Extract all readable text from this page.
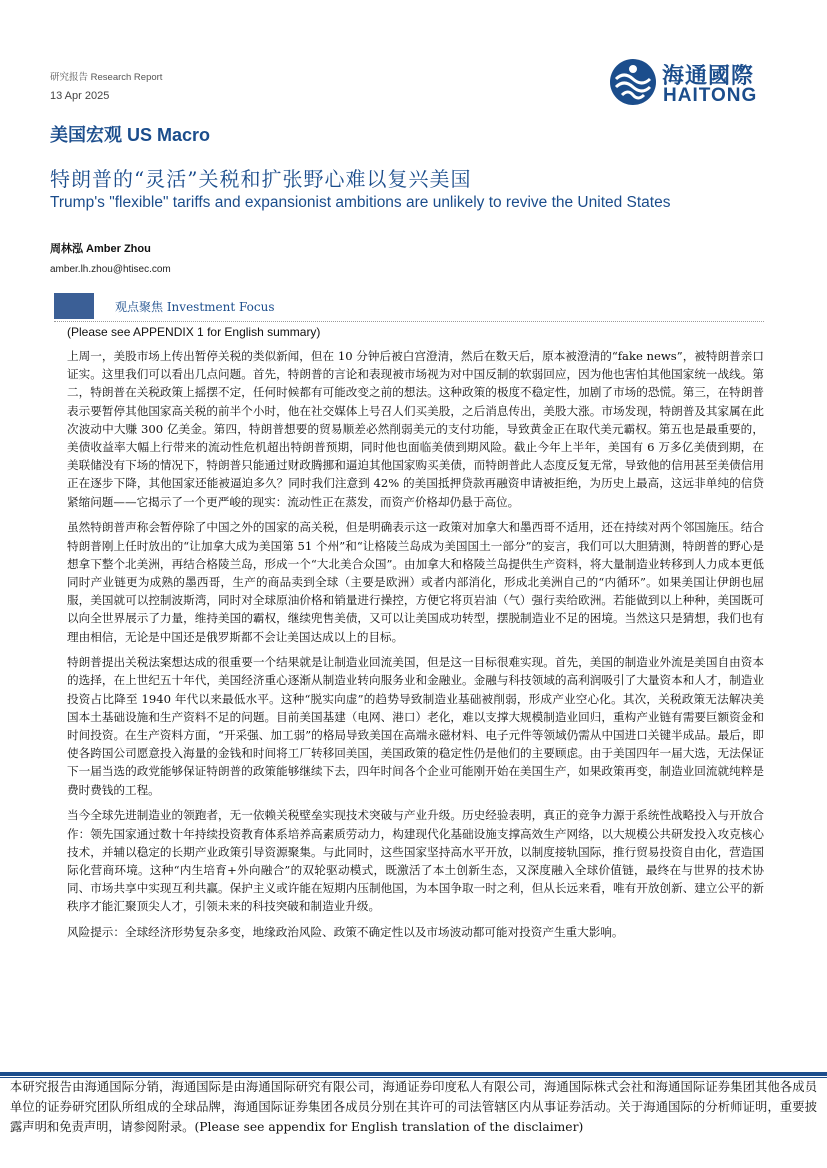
研究报告 Research Report
13 Apr 2025
海通國際
HAITONG
美国宏观 US Macro
特朗普的“灵活”关税和扩张野心难以复兴美国
Trump's "flexible" tariffs and expansionist ambitions are unlikely to revive the United States
周林泓 Amber Zhou
amber.lh.zhou@htisec.com
观点聚焦 Investment Focus
(Please see APPENDIX 1 for English summary)

上周一，美股市场上传出暂停关税的类似新闻，但在 10 分钟后被白宫澄清，然后在数天后，原本被澄清的“fake news”，被特朗普亲口证实。这里我们可以看出几点问题。首先，特朗普的言论和表现被市场视为对中国反制的软弱回应，因为他也害怕其他国家统一战线。第二，特朗普在关税政策上摇摆不定，任何时候都有可能改变之前的想法。这种政策的极度不稳定性，加剧了市场的恐慌。第三，在特朗普表示要暂停其他国家高关税的前半个小时，他在社交媒体上号召人们买美股，之后消息传出，美股大涨。市场发现，特朗普及其家属在此次波动中大赚 300 亿美金。第四，特朗普想要的贸易顺差必然削弱美元的支付功能，导致黄金正在取代美元霸权。第五也是最重要的，美债收益率大幅上行带来的流动性危机超出特朗普预期，同时他也面临美债到期风险。截止今年上半年，美国有 6 万多亿美债到期，在美联储没有下场的情况下，特朗普只能通过财政腾挪和逼迫其他国家购买美债，而特朗普此人态度反复无常，导致他的信用甚至美债信用正在逐步下降，其他国家还能被逼迫多久？同时我们注意到 42% 的美国抵押贷款再融资申请被拒绝，为历史上最高，这远非单纯的信贷紧缩问题——它揭示了一个更严峻的现实：流动性正在蒸发，而资产价格却仍悬于高位。

虽然特朗普声称会暂停除了中国之外的国家的高关税，但是明确表示这一政策对加拿大和墨西哥不适用，还在持续对两个邻国施压。结合特朗普刚上任时放出的“让加拿大成为美国第 51 个州”和“让格陵兰岛成为美国国土一部分”的妄言，我们可以大胆猜测，特朗普的野心是想拿下整个北美洲，再结合格陵兰岛，形成一个“大北美合众国”。由加拿大和格陵兰岛提供生产资料，将大量制造业转移到人力成本更低同时产业链更为成熟的墨西哥，生产的商品卖到全球（主要是欧洲）或者内部消化，形成北美洲自己的“内循环”。如果美国让伊朗也屈服，美国就可以控制波斯湾，同时对全球原油价格和销量进行操控，方便它将页岩油（气）强行卖给欧洲。若能做到以上种种，美国既可以向全世界展示了力量，维持美国的霸权，继续兜售美债，又可以让美国成功转型，摆脱制造业不足的困境。当然这只是猜想，我们也有理由相信，无论是中国还是俄罗斯都不会让美国达成以上的目标。

特朗普提出关税法案想达成的很重要一个结果就是让制造业回流美国，但是这一目标很难实现。首先，美国的制造业外流是美国自由资本的选择，在上世纪五十年代，美国经济重心逐渐从制造业转向服务业和金融业。金融与科技领域的高利润吸引了大量资本和人才，制造业投资占比降至 1940 年代以来最低水平。这种“脱实向虚”的趋势导致制造业基础被削弱，形成产业空心化。其次，关税政策无法解决美国本土基础设施和生产资料不足的问题。目前美国基建（电网、港口）老化，难以支撑大规模制造业回归，重构产业链有需要巨额资金和时间投资。在生产资料方面，“开采强、加工弱”的格局导致美国在高端永磁材料、电子元件等领域仍需从中国进口关键半成品。最后，即使各跨国公司愿意投入海量的金钱和时间将工厂转移回美国，美国政策的稳定性仍是他们的主要顾虑。由于美国四年一届大选，无法保证下一届当选的政党能够保证特朗普的政策能够继续下去，四年时间各个企业可能刚开始在美国生产，如果政策再变，制造业回流就纯粹是费时费钱的工程。

当今全球先进制造业的领跑者，无一依赖关税壁垒实现技术突破与产业升级。历史经验表明，真正的竞争力源于系统性战略投入与开放合作：领先国家通过数十年持续投资教育体系培养高素质劳动力，构建现代化基础设施支撑高效生产网络，以大规模公共研发投入攻克核心技术，并辅以稳定的长期产业政策引导资源聚集。与此同时，这些国家坚持高水平开放，以制度接轨国际，推行贸易投资自由化，营造国际化营商环境。这种“内生培育+外向融合”的双轮驱动模式，既激活了本土创新生态，又深度融入全球价值链，最终在与世界的技术协同、市场共享中实现互利共赢。保护主义或许能在短期内压制他国，为本国争取一时之利，但从长远来看，唯有开放创新、建立公平的新秩序才能汇聚顶尖人才，引领未来的科技突破和制造业升级。

风险提示：全球经济形势复杂多变，地缘政治风险、政策不确定性以及市场波动都可能对投资产生重大影响。

本研究报告由海通国际分销，海通国际是由海通国际研究有限公司，海通证券印度私人有限公司，海通国际株式会社和海通国际证券集团其他各成员单位的证券研究团队所组成的全球品牌，海通国际证券集团各成员分别在其许可的司法管辖区内从事证券活动。关于海通国际的分析师证明，重要披露声明和免责声明，请参阅附录。(Please see appendix for English translation of the disclaimer)
